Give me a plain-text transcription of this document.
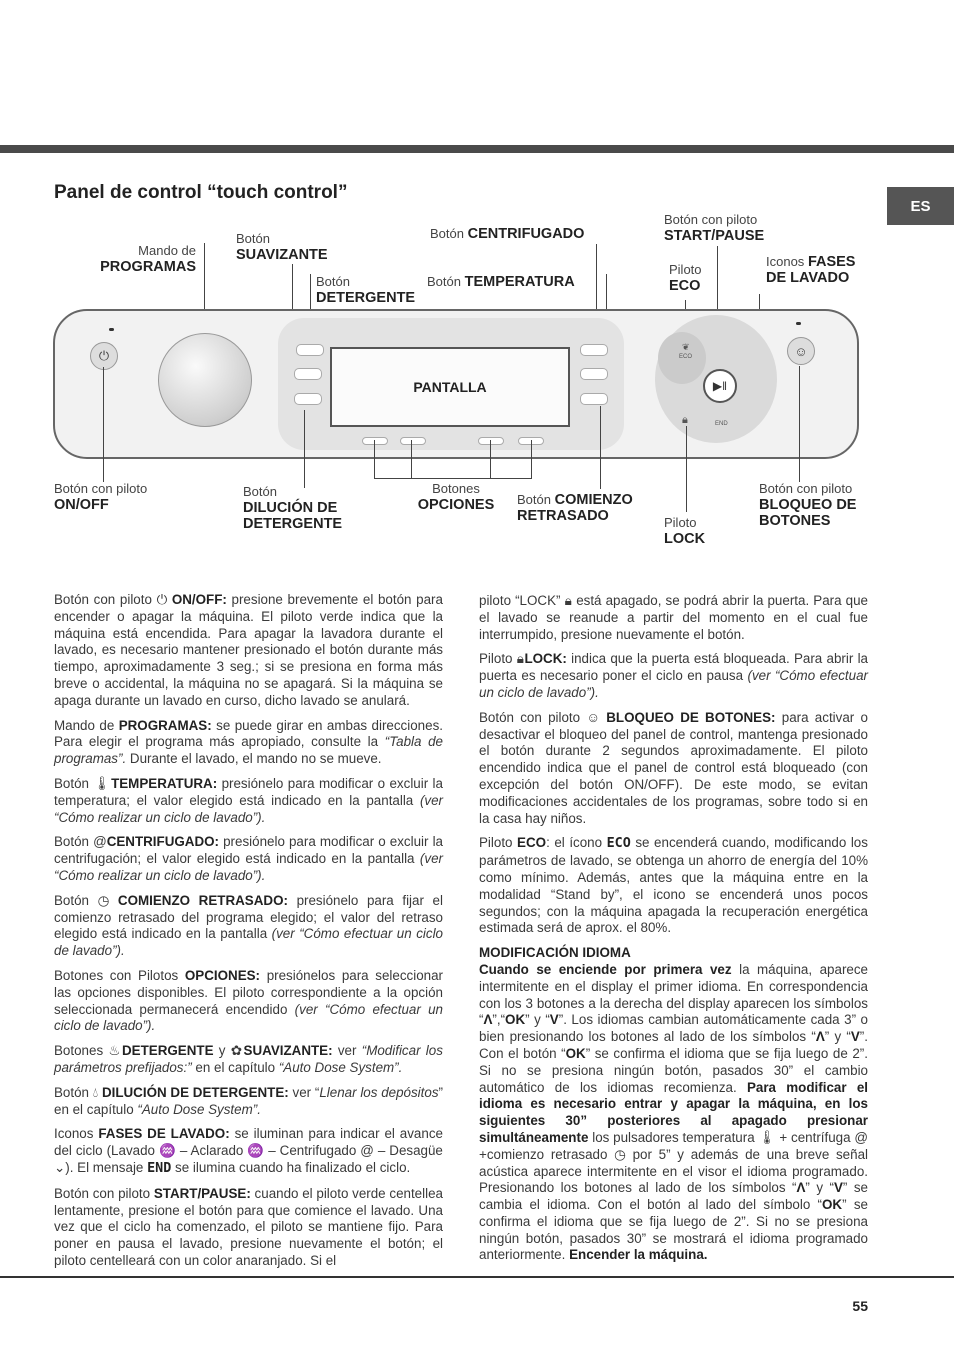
ES
Panel de control “touch control”
Mando de
PROGRAMAS
Botón
SUAVIZANTE
Botón
DETERGENTE
Botón CENTRIFUGADO
Botón TEMPERATURA
Botón con piloto
START/PAUSE
Piloto
ECO
Iconos FASES
DE LAVADO
PANTALLA
⏻	ECO
❦
▶‖
END
🔒︎
☺
Botón con piloto
ON/OFF
Botón
DILUCIÓN DE
DETERGENTE
Botones
OPCIONES	Botón COMIENZO
RETRASADO	Piloto
LOCK
Botón con piloto
BLOQUEO DE
BOTONES

Botón con piloto ⏻ ON/OFF: presione brevemente el botón para encender o apagar la máquina. El piloto verde indica que la máquina está encendida. Para apagar la lavadora durante el lavado, es necesario mantener presionado el botón durante más tiempo, aproximadamente 3 seg.; si se presiona en forma más breve o accidental, la máquina no se apagará. Si la máquina se apaga durante un lavado en curso, dicho lavado se anulará.

Mando de PROGRAMAS: se puede girar en ambas direcciones. Para elegir el programa más apropiado, consulte la “Tabla de programas”. Durante el lavado, el mando no se mueve.

Botón 🌡︎TEMPERATURA: presiónelo para modificar o excluir la temperatura; el valor elegido está indicado en la pantalla (ver “Cómo realizar un ciclo de lavado”).

Botón @CENTRIFUGADO: presiónelo para modificar o excluir la centrifugación; el valor elegido está indicado en la pantalla (ver “Cómo realizar un ciclo de lavado”).

Botón ◷ COMIENZO RETRASADO: presiónelo para fijar el comienzo retrasado del programa elegido; el valor del retraso elegido está indicado en la pantalla (ver “Cómo efectuar un ciclo de lavado”).

Botones con Pilotos OPCIONES: presiónelos para seleccionar las opciones disponibles. El piloto correspondiente a la opción seleccionada permanecerá encendido (ver “Cómo efectuar un ciclo de lavado”).

Botones ♨DETERGENTE y ✿SUAVIZANTE: ver “Modificar los parámetros prefijados:” en el capítulo “Auto Dose System”.

Botón 💧︎ DILUCIÓN DE DETERGENTE: ver “Llenar los depósitos” en el capítulo “Auto Dose System”.

Iconos FASES DE LAVADO: se iluminan para indicar el avance del ciclo (Lavado ♒ – Aclarado ♒ – Centrifugado @ – Desagüe ⌄). El mensaje END se ilumina cuando ha finalizado el ciclo.

Botón con piloto START/PAUSE: cuando el piloto verde centellea lentamente, presione el botón para que comience el lavado. Una vez que el ciclo ha comenzado, el piloto se mantiene fijo. Para poner en pausa el lavado, presione nuevamente el botón; el piloto centelleará con un color anaranjado. Si el

piloto “LOCK” 🔒︎ está apagado, se podrá abrir la puerta. Para que el lavado se reanude a partir del momento en el cual fue interrumpido, presione nuevamente el botón.

Piloto 🔒︎LOCK: indica que la puerta está bloqueada. Para abrir la puerta es necesario poner el ciclo en pausa (ver “Cómo efectuar un ciclo de lavado”).

Botón con piloto ☺ BLOQUEO DE BOTONES: para activar o desactivar el bloqueo del panel de control, mantenga presionado el botón durante 2 segundos aproximadamente. El piloto encendido indica que el panel de control está bloqueado (con excepción del botón ON/OFF). De este modo, se evitan modificaciones accidentales de los programas, sobre todo si en la casa hay niños.

Piloto ECO: el ícono ECO se encenderá cuando, modificando los parámetros de lavado, se obtenga un ahorro de energía del 10% como mínimo. Además, antes que la máquina entre en la modalidad “Stand by”, el icono se encenderá unos pocos segundos; con la máquina apagada la recuperación energética estimada será de aprox. el 80%.

MODIFICACIÓN IDIOMA

Cuando se enciende por primera vez la máquina, aparece intermitente en el display el primer idioma. En correspondencia con los 3 botones a la derecha del display aparecen los símbolos “Λ”,“OK” y “V”. Los idiomas cambian automáticamente cada 3” o bien presionando los botones al lado de los símbolos “Λ” y “V”. Con el botón “OK” se confirma el idioma que se fija luego de 2”. Si no se presiona ningún botón, pasados 30” el cambio automático de los idiomas recomienza. Para modificar el idioma es necesario entrar y apagar la máquina, en los siguientes 30” posteriores al apagado presionar simultáneamente los pulsadores temperatura 🌡︎ + centrífuga @ +comienzo retrasado ◷ por 5” y además de una breve señal acústica aparece intermitente en el visor el idioma programado. Presionando los botones al lado de los símbolos “Λ” y “V” se cambia el idioma. Con el botón al lado del símbolo “OK” se confirma el idioma que se fija luego de 2”. Si no se presiona ningún botón, pasados 30” se mostrará el idioma programado anteriormente. Encender la máquina.

55
